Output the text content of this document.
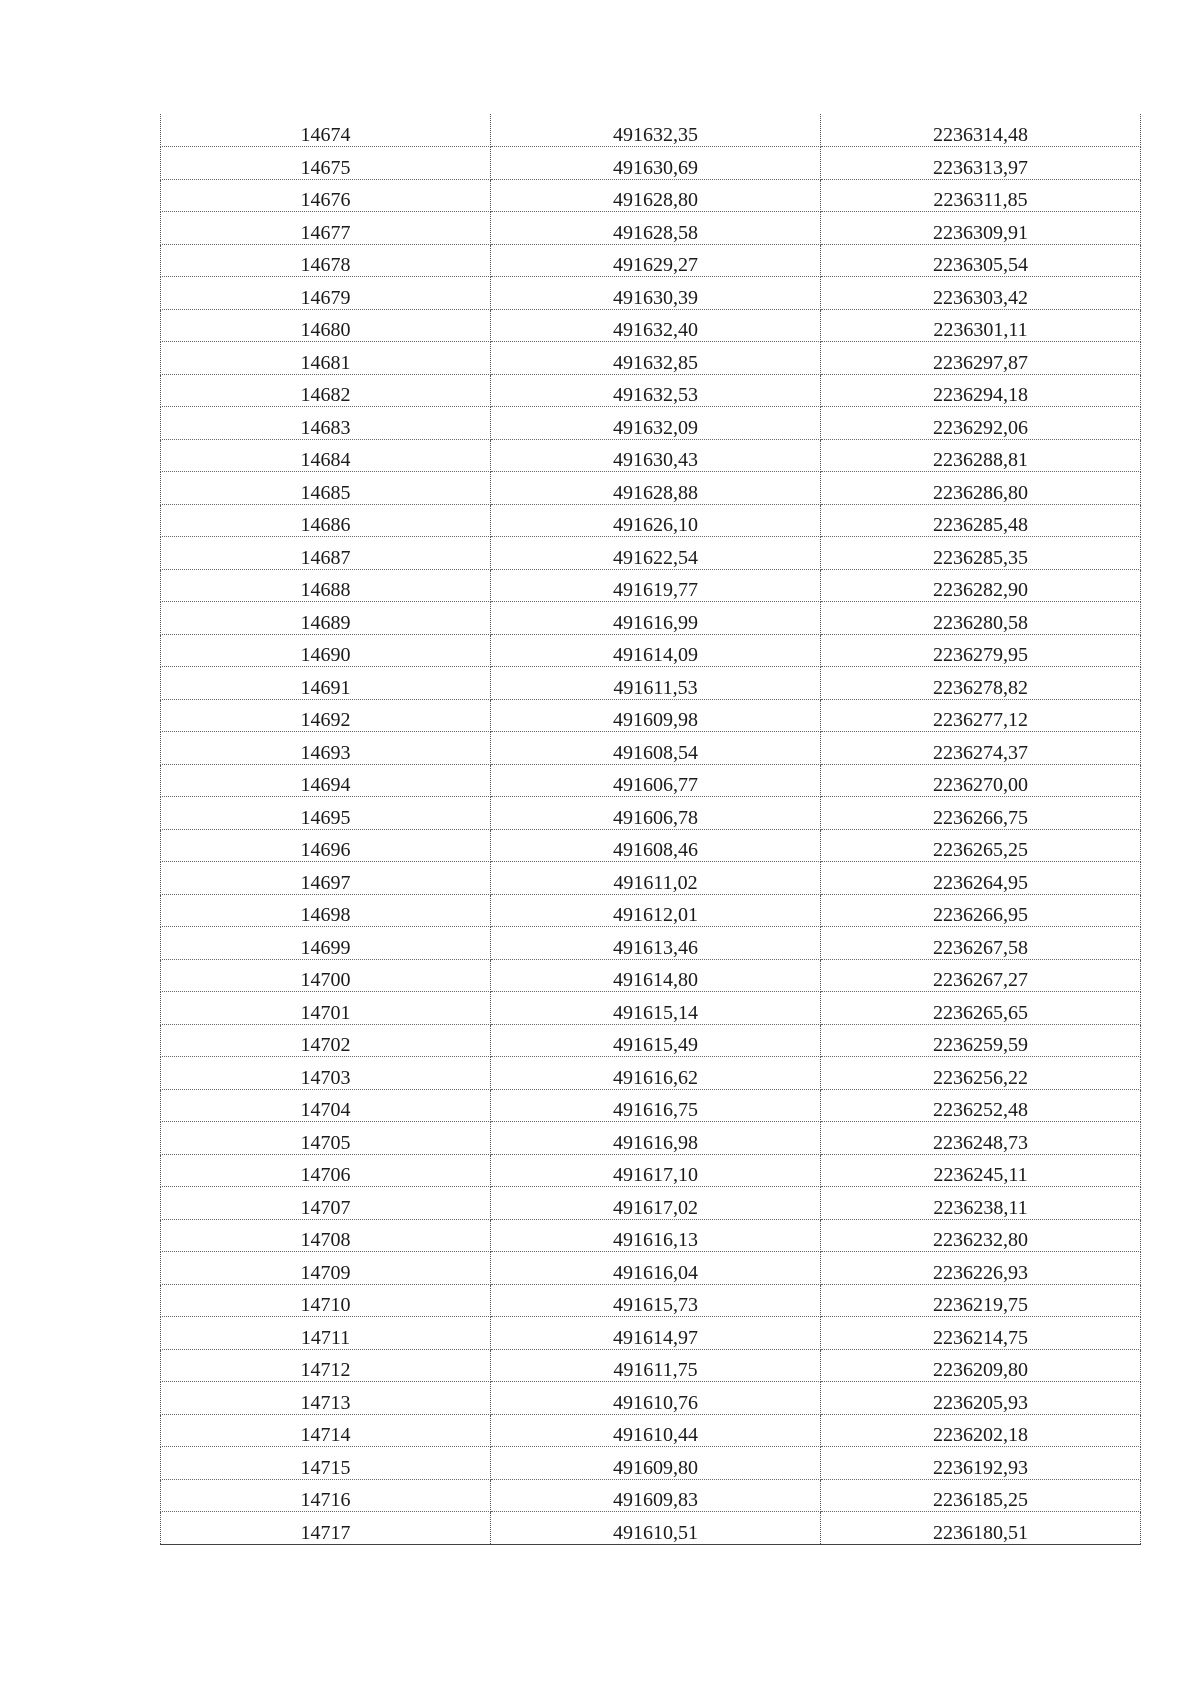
14674	491632,35	2236314,48
14675	491630,69	2236313,97
14676	491628,80	2236311,85
14677	491628,58	2236309,91
14678	491629,27	2236305,54
14679	491630,39	2236303,42
14680	491632,40	2236301,11
14681	491632,85	2236297,87
14682	491632,53	2236294,18
14683	491632,09	2236292,06
14684	491630,43	2236288,81
14685	491628,88	2236286,80
14686	491626,10	2236285,48
14687	491622,54	2236285,35
14688	491619,77	2236282,90
14689	491616,99	2236280,58
14690	491614,09	2236279,95
14691	491611,53	2236278,82
14692	491609,98	2236277,12
14693	491608,54	2236274,37
14694	491606,77	2236270,00
14695	491606,78	2236266,75
14696	491608,46	2236265,25
14697	491611,02	2236264,95
14698	491612,01	2236266,95
14699	491613,46	2236267,58
14700	491614,80	2236267,27
14701	491615,14	2236265,65
14702	491615,49	2236259,59
14703	491616,62	2236256,22
14704	491616,75	2236252,48
14705	491616,98	2236248,73
14706	491617,10	2236245,11
14707	491617,02	2236238,11
14708	491616,13	2236232,80
14709	491616,04	2236226,93
14710	491615,73	2236219,75
14711	491614,97	2236214,75
14712	491611,75	2236209,80
14713	491610,76	2236205,93
14714	491610,44	2236202,18
14715	491609,80	2236192,93
14716	491609,83	2236185,25
14717	491610,51	2236180,51
